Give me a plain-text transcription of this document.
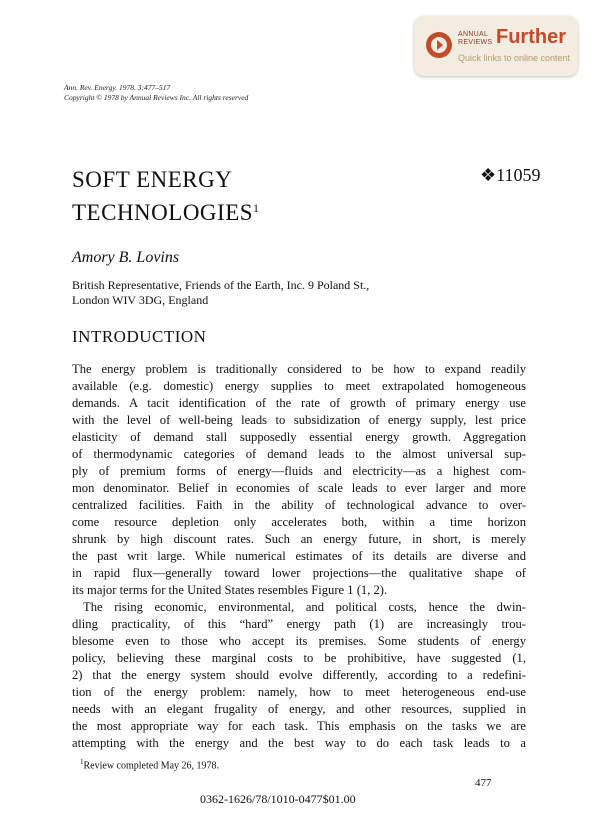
ANNUAL
REVIEWS Further
Quick links to online content
Ann. Rev. Energy. 1978. 3:477–517
Copyright © 1978 by Annual Reviews Inc. All rights reserved
SOFT ENERGY
TECHNOLOGIES$^1$
❖11059
Amory B. Lovins
British Representative, Friends of the Earth, Inc. 9 Poland St.,
London WIV 3DG, England
INTRODUCTION
The energy problem is traditionally considered to be how to expand readily
available (e.g. domestic) energy supplies to meet extrapolated homogeneous
demands. A tacit identification of the rate of growth of primary energy use
with the level of well-being leads to subsidization of energy supply, lest price
elasticity of demand stall supposedly essential energy growth. Aggregation
of thermodynamic categories of demand leads to the almost universal sup-
ply of premium forms of energy—fluids and electricity—as a highest com-
mon denominator. Belief in economies of scale leads to ever larger and more
centralized facilities. Faith in the ability of technological advance to over-
come resource depletion only accelerates both, within a time horizon
shrunk by high discount rates. Such an energy future, in short, is merely
the past writ large. While numerical estimates of its details are diverse and
in rapid flux—generally toward lower projections—the qualitative shape of
its major terms for the United States resembles Figure 1 (1, 2).
The rising economic, environmental, and political costs, hence the dwin-
dling practicality, of this “hard” energy path (1) are increasingly trou-
blesome even to those who accept its premises. Some students of energy
policy, believing these marginal costs to be prohibitive, have suggested (1,
2) that the energy system should evolve differently, according to a redefini-
tion of the energy problem: namely, how to meet heterogeneous end-use
needs with an elegant frugality of energy, and other resources, supplied in
the most appropriate way for each task. This emphasis on the tasks we are
attempting with the energy and the best way to do each task leads to a
$^1$Review completed May 26, 1978.
477
0362-1626/78/1010-0477$01.00
